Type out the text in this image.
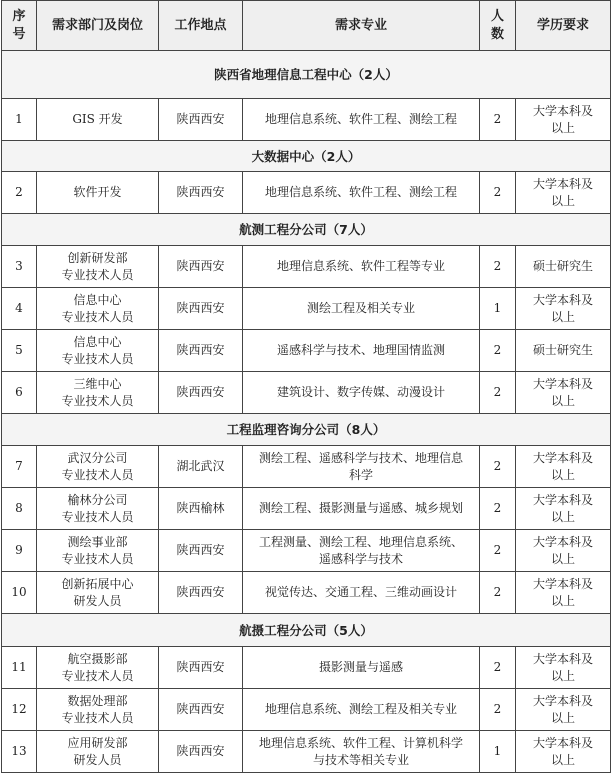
序
号	需求部门及岗位	工作地点	需求专业	人
数	学历要求
陕西省地理信息工程中心（2人）					
1	GIS 开发	陕西西安	地理信息系统、软件工程、测绘工程	2	大学本科及
以上

大数据中心（2人）					
2	软件开发	陕西西安	地理信息系统、软件工程、测绘工程	2	大学本科及
以上

航测工程分公司（7人）					
3	创新研发部
专业技术人员	陕西西安	地理信息系统、软件工程等专业	2	硕士研究生

4	信息中心
专业技术人员	陕西西安	测绘工程及相关专业	1	大学本科及
以上

5	信息中心
专业技术人员	陕西西安	遥感科学与技术、地理国情监测	2	硕士研究生

6	三维中心
专业技术人员	陕西西安	建筑设计、数字传媒、动漫设计	2	大学本科及
以上

工程监理咨询分公司（8人）					
7	武汉分公司
专业技术人员	湖北武汉	测绘工程、遥感科学与技术、地理信息
科学	2	大学本科及
以上

8	榆林分公司
专业技术人员	陕西榆林	测绘工程、摄影测量与遥感、城乡规划	2	大学本科及
以上

9	测绘事业部
专业技术人员	陕西西安	工程测量、测绘工程、地理信息系统、
遥感科学与技术	2	大学本科及
以上

10	创新拓展中心
研发人员	陕西西安	视觉传达、交通工程、三维动画设计	2	大学本科及
以上

航摄工程分公司（5人）					
11	航空摄影部
专业技术人员	陕西西安	摄影测量与遥感	2	大学本科及
以上

12	数据处理部
专业技术人员	陕西西安	地理信息系统、测绘工程及相关专业	2	大学本科及
以上

13	应用研发部
研发人员	陕西西安	地理信息系统、软件工程、计算机科学
与技术等相关专业	1	大学本科及
以上
